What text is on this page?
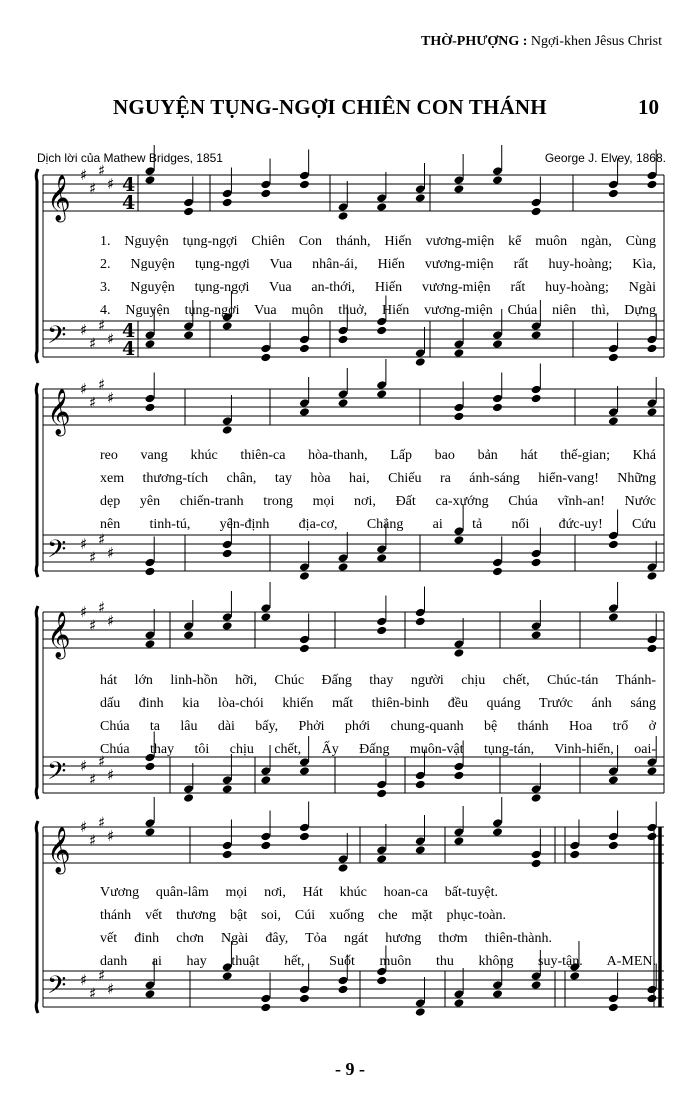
THỜ-PHƯỢNG : Ngợi-khen Jêsus Christ
NGUYỆN TỤNG-NGỢI CHIÊN CON THÁNH	10
Dịch lời của Mathew Bridges, 1851	George J. Elvey, 1868.
𝄞
𝄢
♯
♯
♯
♯
♯
♯
♯
♯
4
4
4
4
𝄞
𝄢
♯
♯
♯
♯
♯
♯
♯
♯
𝄞
𝄢
♯
♯
♯
♯
♯
♯
♯
♯
𝄞
𝄢
♯
♯
♯
♯
♯
♯
♯
♯
1. Nguyện tụng-ngợi Chiên Con thánh, Hiến vương-miện kể muôn ngàn, Cùng
2. Nguyện tụng-ngợi Vua nhân-ái, Hiến vương-miện rất huy-hoàng; Kìa,
3. Nguyện tụng-ngợi Vua an-thới, Hiến vương-miện rất huy-hoàng; Ngài
4. Nguyện tụng-ngợi Vua muôn thuở, Hiến vương-miện Chúa niên thì, Dựng
reo vang khúc thiên-ca hòa-thanh, Lấp bao bản hát thế-gian; Khá
xem thương-tích chân, tay hòa hai, Chiếu ra ánh-sáng hiển-vang! Những
dẹp yên chiến-tranh trong mọi nơi, Đất ca-xướng Chúa vĩnh-an! Nước
nên tinh-tú, yên-định địa-cơ, Chẳng ai tả nổi đức-uy! Cứu
hát lớn linh-hồn hỡi, Chúc Đấng thay người chịu chết, Chúc-tán Thánh-
dấu đinh kia lòa-chói khiến mất thiên-binh đều quáng Trước ánh sáng
Chúa ta lâu dài bấy, Phởi phới chung-quanh bệ thánh Hoa trổ ở
Chúa thay tôi chịu chết, Ấy Đấng muôn-vật tụng-tán, Vinh-hiển, oai-
Vương quân-lâm mọi nơi, Hát khúc hoan-ca bất-tuyệt.
thánh vết thương bật soi, Cúi xuống che mặt phục-toàn.
vết đinh chơn Ngài đây, Tỏa ngát hương thơm thiên-thành.
danh ai hay thuật hết, Suốt muôn thu không suy-tận. A-MEN.
- 9 -
